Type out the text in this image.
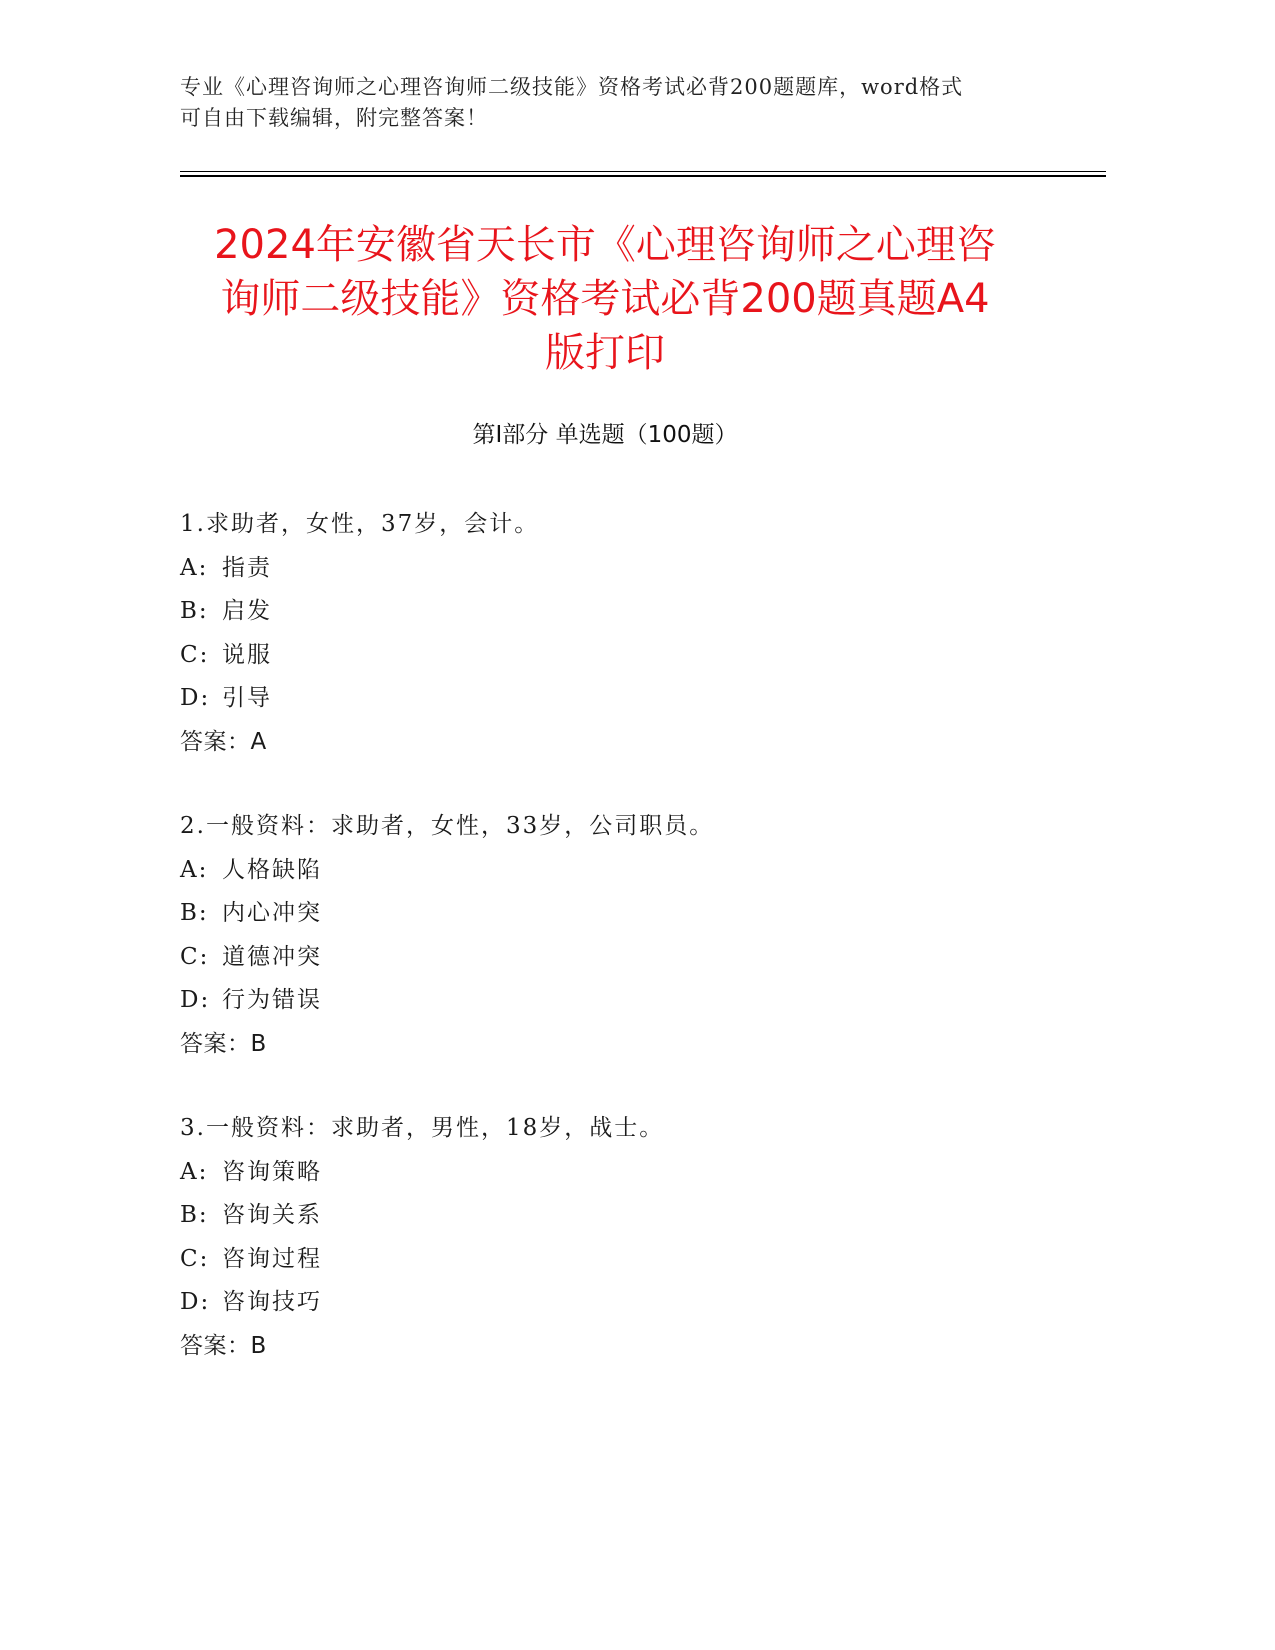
专业《心理咨询师之心理咨询师二级技能》资格考试必背200题题库，word格式
可自由下载编辑，附完整答案！
2024年安徽省天长市《心理咨询师之心理咨
询师二级技能》资格考试必背200题真题A4
版打印
第Ⅰ部分 单选题（100题）
1.求助者，女性，37岁，会计。
A: 指责
B: 启发
C: 说服
D: 引导
答案：A
2.一般资料：求助者，女性，33岁，公司职员。
A: 人格缺陷
B: 内心冲突
C: 道德冲突
D: 行为错误
答案：B
3.一般资料：求助者，男性，18岁，战士。
A: 咨询策略
B: 咨询关系
C: 咨询过程
D: 咨询技巧
答案：B
